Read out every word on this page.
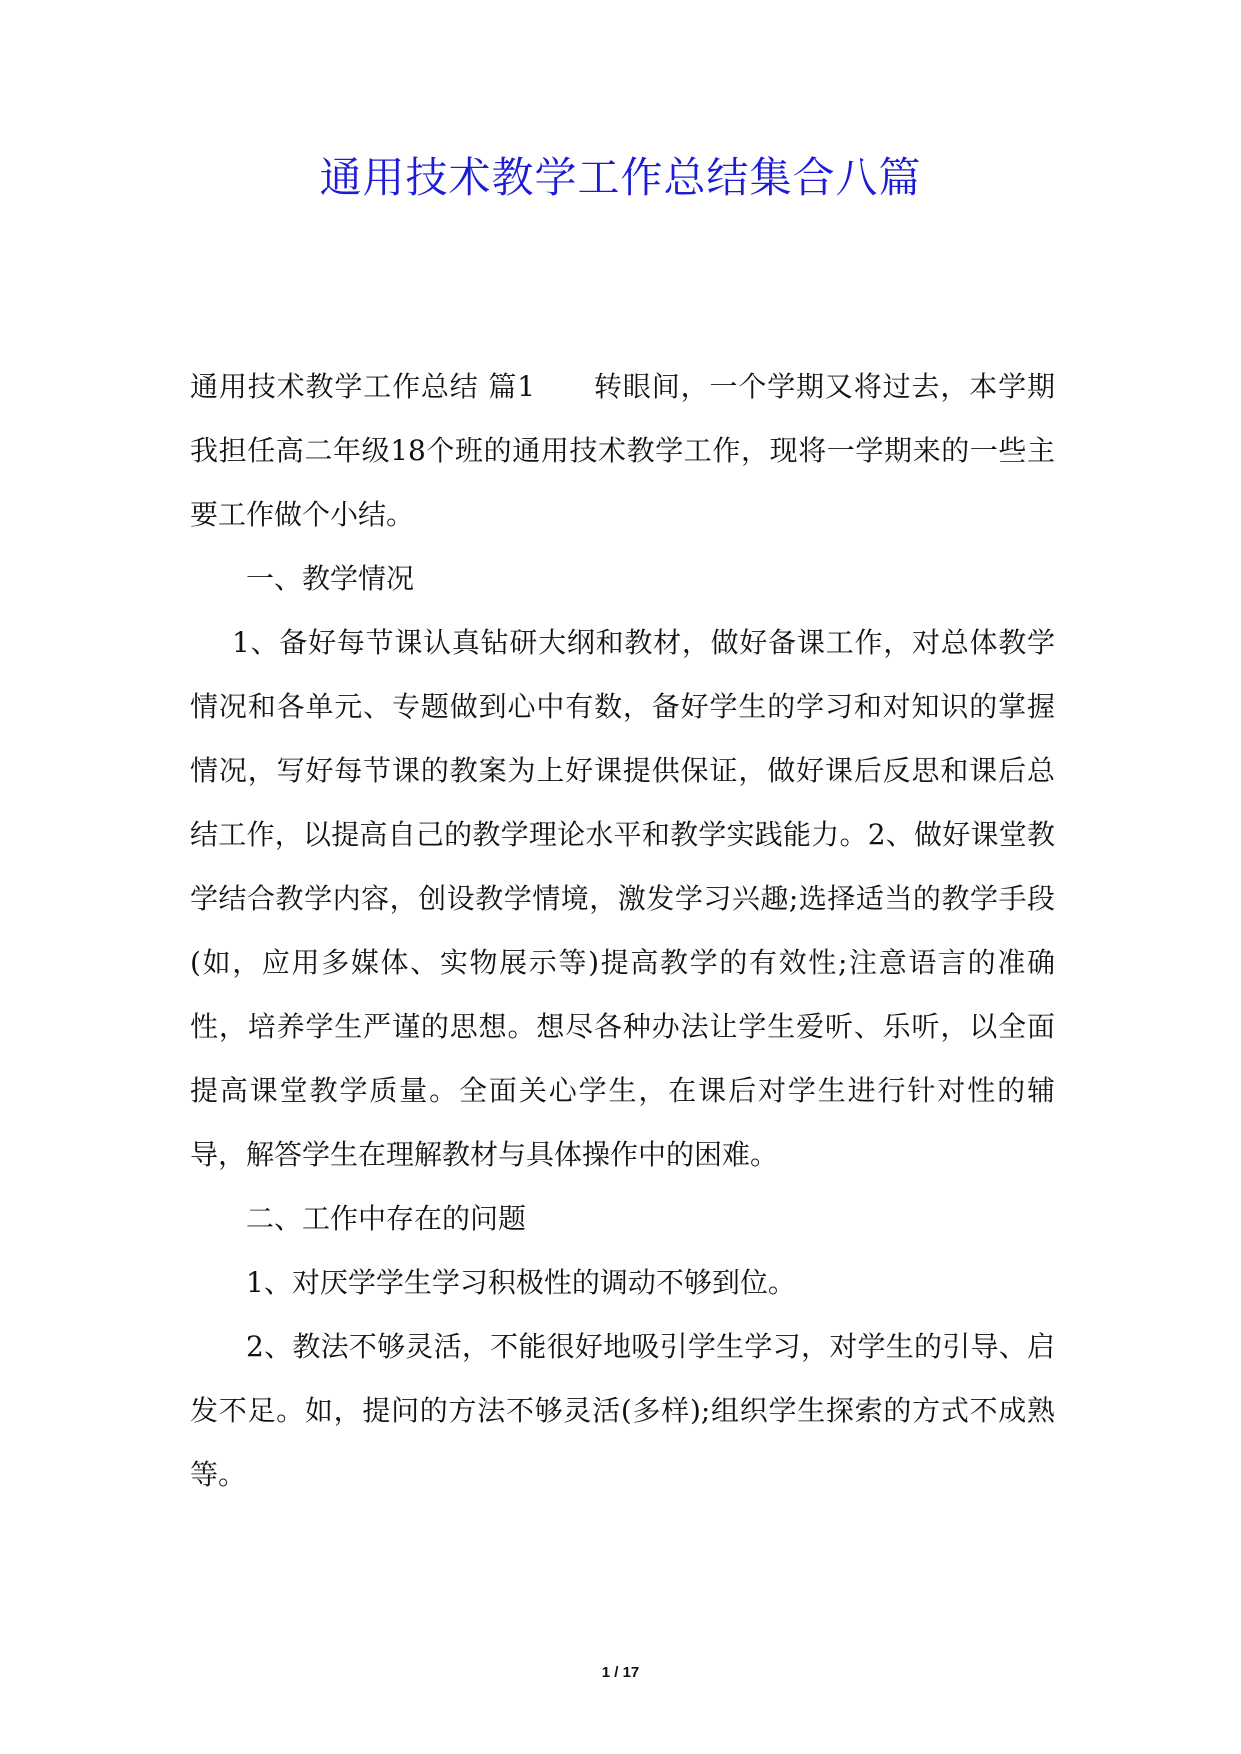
通用技术教学工作总结集合八篇

通用技术教学工作总结 篇1 转眼间，一个学期又将过去，本学期我担任高二年级18个班的通用技术教学工作，现将一学期来的一些主要工作做个小结。

一、教学情况

1、备好每节课认真钻研大纲和教材，做好备课工作，对总体教学情况和各单元、专题做到心中有数，备好学生的学习和对知识的掌握情况，写好每节课的教案为上好课提供保证，做好课后反思和课后总结工作，以提高自己的教学理论水平和教学实践能力。2、做好课堂教学结合教学内容，创设教学情境，激发学习兴趣;选择适当的教学手段(如，应用多媒体、实物展示等)提高教学的有效性;注意语言的准确性，培养学生严谨的思想。想尽各种办法让学生爱听、乐听，以全面提高课堂教学质量。全面关心学生，在课后对学生进行针对性的辅导，解答学生在理解教材与具体操作中的困难。

二、工作中存在的问题

1、对厌学学生学习积极性的调动不够到位。

2、教法不够灵活，不能很好地吸引学生学习，对学生的引导、启发不足。如，提问的方法不够灵活(多样);组织学生探索的方式不成熟等。

1 / 17
